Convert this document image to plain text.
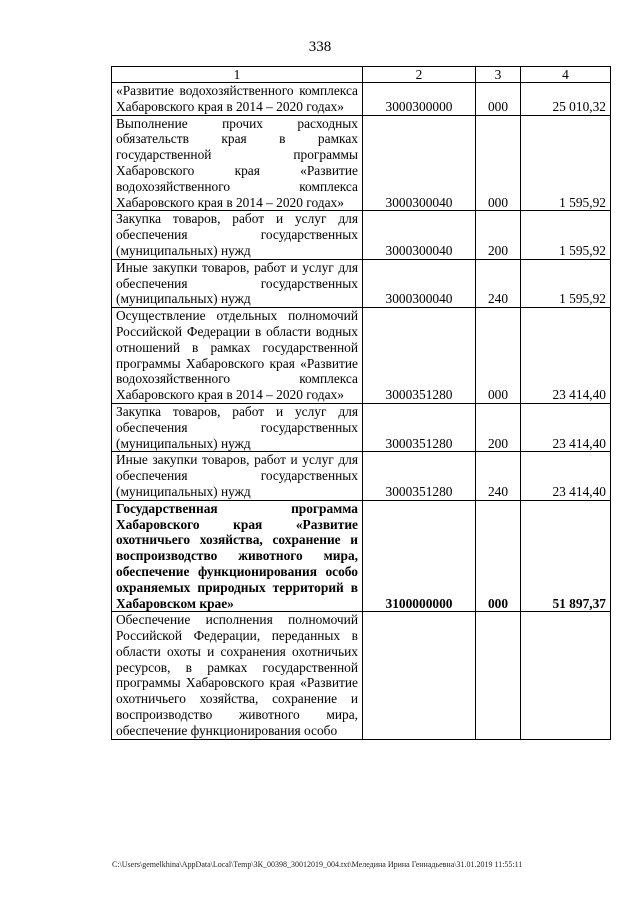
338
1	2	3	4
«Развитие водохозяйственного комплекса Хабаровского края в 2014 – 2020 годах»	3000300000	000	25 010,32
Выполнение прочих расходных обязательств края в рамках государственной программы Хабаровского края «Развитие водохозяйственного комплекса Хабаровского края в 2014 – 2020 годах»	3000300040	000	1 595,92
Закупка товаров, работ и услуг для обеспечения государственных (муниципальных) нужд	3000300040	200	1 595,92
Иные закупки товаров, работ и услуг для обеспечения государственных (муниципальных) нужд	3000300040	240	1 595,92
Осуществление отдельных полномочий Российской Федерации в области водных отношений в рамках государственной программы Хабаровского края «Развитие водохозяйственного комплекса Хабаровского края в 2014 – 2020 годах»	3000351280	000	23 414,40
Закупка товаров, работ и услуг для обеспечения государственных (муниципальных) нужд	3000351280	200	23 414,40
Иные закупки товаров, работ и услуг для обеспечения государственных (муниципальных) нужд	3000351280	240	23 414,40
Государственная программа Хабаровского края «Развитие охотничьего хозяйства, сохранение и воспроизводство животного мира, обеспечение функционирования особо охраняемых природных территорий в Хабаровском крае»	3100000000	000	51 897,37
Обеспечение исполнения полномочий Российской Федерации, переданных в области охоты и сохранения охотничьих ресурсов, в рамках государственной программы Хабаровского края «Развитие охотничьего хозяйства, сохранение и воспроизводство животного мира, обеспечение функционирования особо			
C:\Users\gemelkhina\AppData\Local\Temp\ЗК_00398_30012019_004.txt\Меледина Ирина Геннадьевна\31.01.2019 11:55:11
